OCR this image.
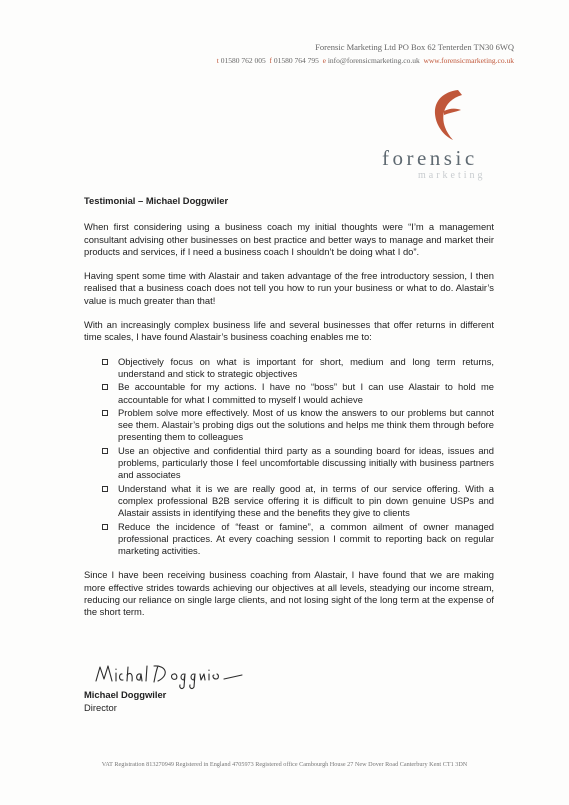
Forensic Marketing Ltd PO Box 62 Tenterden TN30 6WQ
t 01580 762 005 f 01580 764 795 e info@forensicmarketing.co.uk www.forensicmarketing.co.uk
forensic
marketing
Testimonial – Michael Doggwiler

When first considering using a business coach my initial thoughts were “I’m a management consultant advising other businesses on best practice and better ways to manage and market their products and services, if I need a business coach I shouldn’t be doing what I do”.

Having spent some time with Alastair and taken advantage of the free introductory session, I then realised that a business coach does not tell you how to run your business or what to do. Alastair’s value is much greater than that!

With an increasingly complex business life and several businesses that offer returns in different time scales, I have found Alastair’s business coaching enables me to:

Objectively focus on what is important for short, medium and long term returns, understand and stick to strategic objectives
Be accountable for my actions. I have no “boss” but I can use Alastair to hold me accountable for what I committed to myself I would achieve
Problem solve more effectively. Most of us know the answers to our problems but cannot see them. Alastair’s probing digs out the solutions and helps me think them through before presenting them to colleagues
Use an objective and confidential third party as a sounding board for ideas, issues and problems, particularly those I feel uncomfortable discussing initially with business partners and associates
Understand what it is we are really good at, in terms of our service offering. With a complex professional B2B service offering it is difficult to pin down genuine USPs and Alastair assists in identifying these and the benefits they give to clients
Reduce the incidence of “feast or famine”, a common ailment of owner managed professional practices. At every coaching session I commit to reporting back on regular marketing activities.

Since I have been receiving business coaching from Alastair, I have found that we are making more effective strides towards achieving our objectives at all levels, steadying our income stream, reducing our reliance on single large clients, and not losing sight of the long term at the expense of the short term.

Michael Doggwiler
Director
VAT Registration 813270949 Registered in England 4705973 Registered office Cambourgh House 27 New Dover Road Canterbury Kent CT1 3DN
